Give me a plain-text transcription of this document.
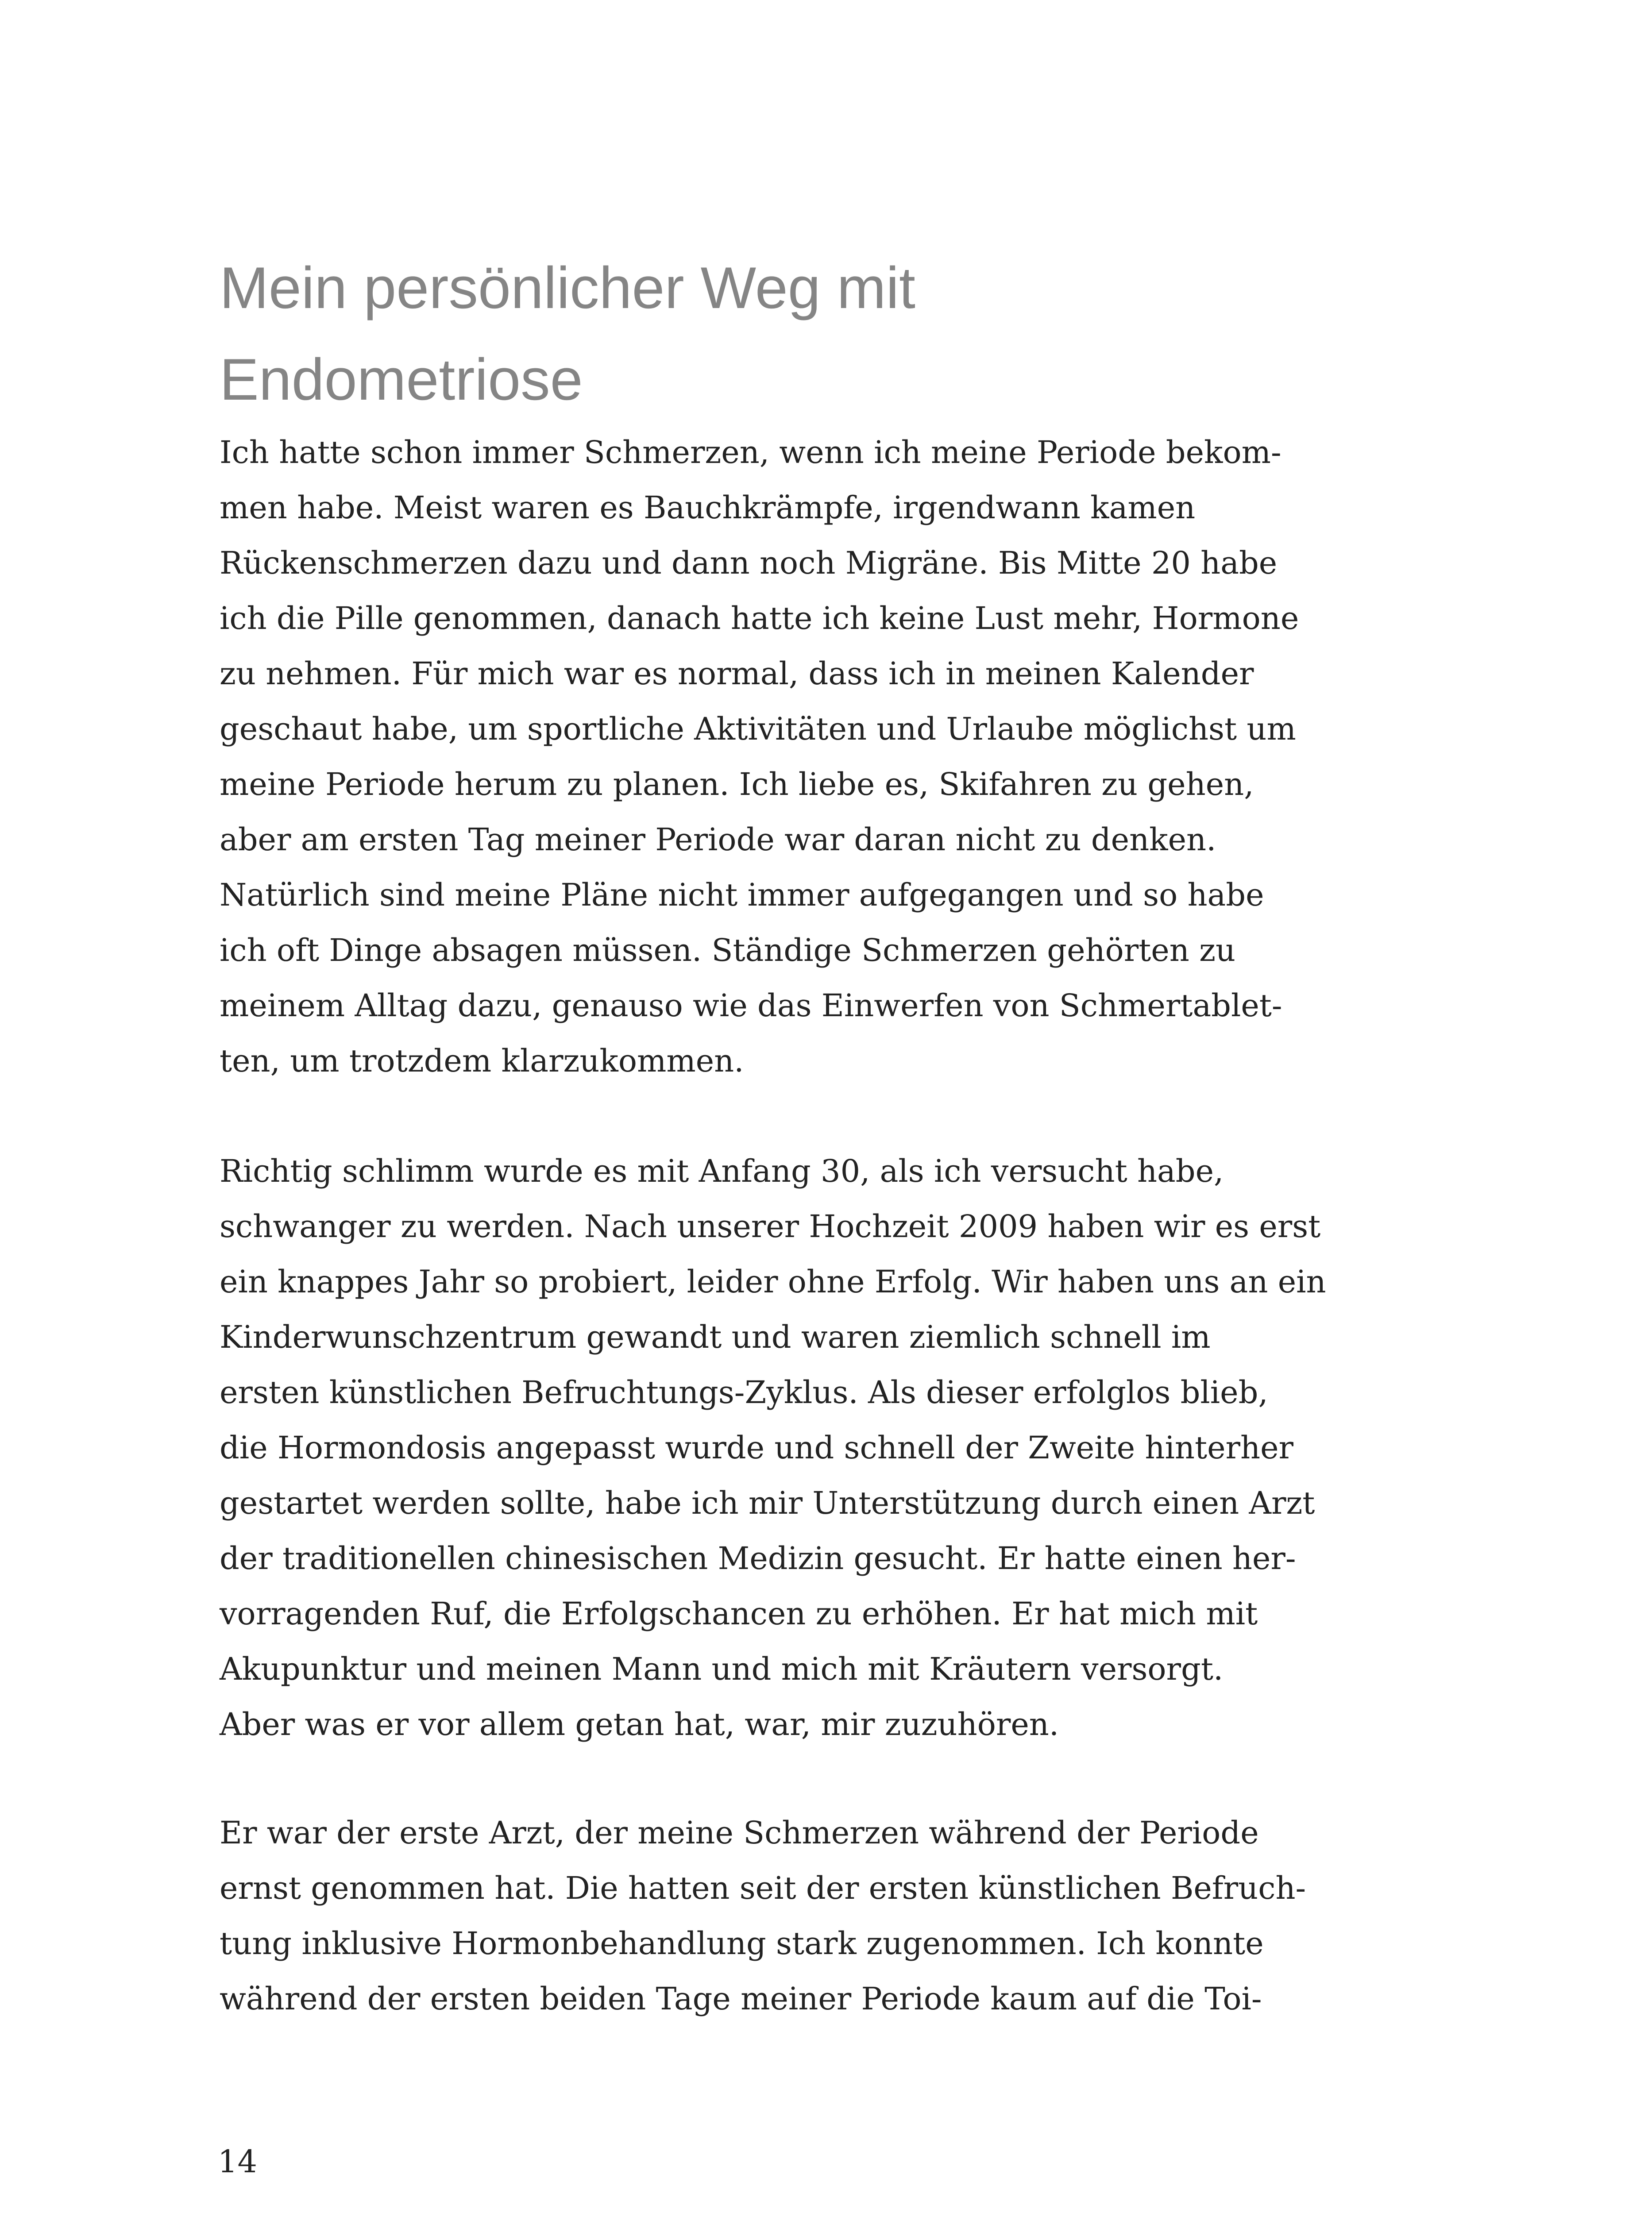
Mein persönlicher Weg mit
Endometriose

Ich hatte schon immer Schmerzen, wenn ich meine Periode bekom-
men habe. Meist waren es Bauchkrämpfe, irgendwann kamen
Rückenschmerzen dazu und dann noch Migräne. Bis Mitte 20 habe
ich die Pille genommen, danach hatte ich keine Lust mehr, Hormone
zu nehmen. Für mich war es normal, dass ich in meinen Kalender
geschaut habe, um sportliche Aktivitäten und Urlaube möglichst um
meine Periode herum zu planen. Ich liebe es, Skifahren zu gehen,
aber am ersten Tag meiner Periode war daran nicht zu denken.
Natürlich sind meine Pläne nicht immer aufgegangen und so habe
ich oft Dinge absagen müssen. Ständige Schmerzen gehörten zu
meinem Alltag dazu, genauso wie das Einwerfen von Schmertablet-
ten, um trotzdem klarzukommen.

Richtig schlimm wurde es mit Anfang 30, als ich versucht habe,
schwanger zu werden. Nach unserer Hochzeit 2009 haben wir es erst
ein knappes Jahr so probiert, leider ohne Erfolg. Wir haben uns an ein
Kinderwunschzentrum gewandt und waren ziemlich schnell im
ersten künstlichen Befruchtungs-Zyklus. Als dieser erfolglos blieb,
die Hormondosis angepasst wurde und schnell der Zweite hinterher
gestartet werden sollte, habe ich mir Unterstützung durch einen Arzt
der traditionellen chinesischen Medizin gesucht. Er hatte einen her-
vorragenden Ruf, die Erfolgschancen zu erhöhen. Er hat mich mit
Akupunktur und meinen Mann und mich mit Kräutern versorgt.
Aber was er vor allem getan hat, war, mir zuzuhören.

Er war der erste Arzt, der meine Schmerzen während der Periode
ernst genommen hat. Die hatten seit der ersten künstlichen Befruch-
tung inklusive Hormonbehandlung stark zugenommen. Ich konnte
während der ersten beiden Tage meiner Periode kaum auf die Toi-

14
